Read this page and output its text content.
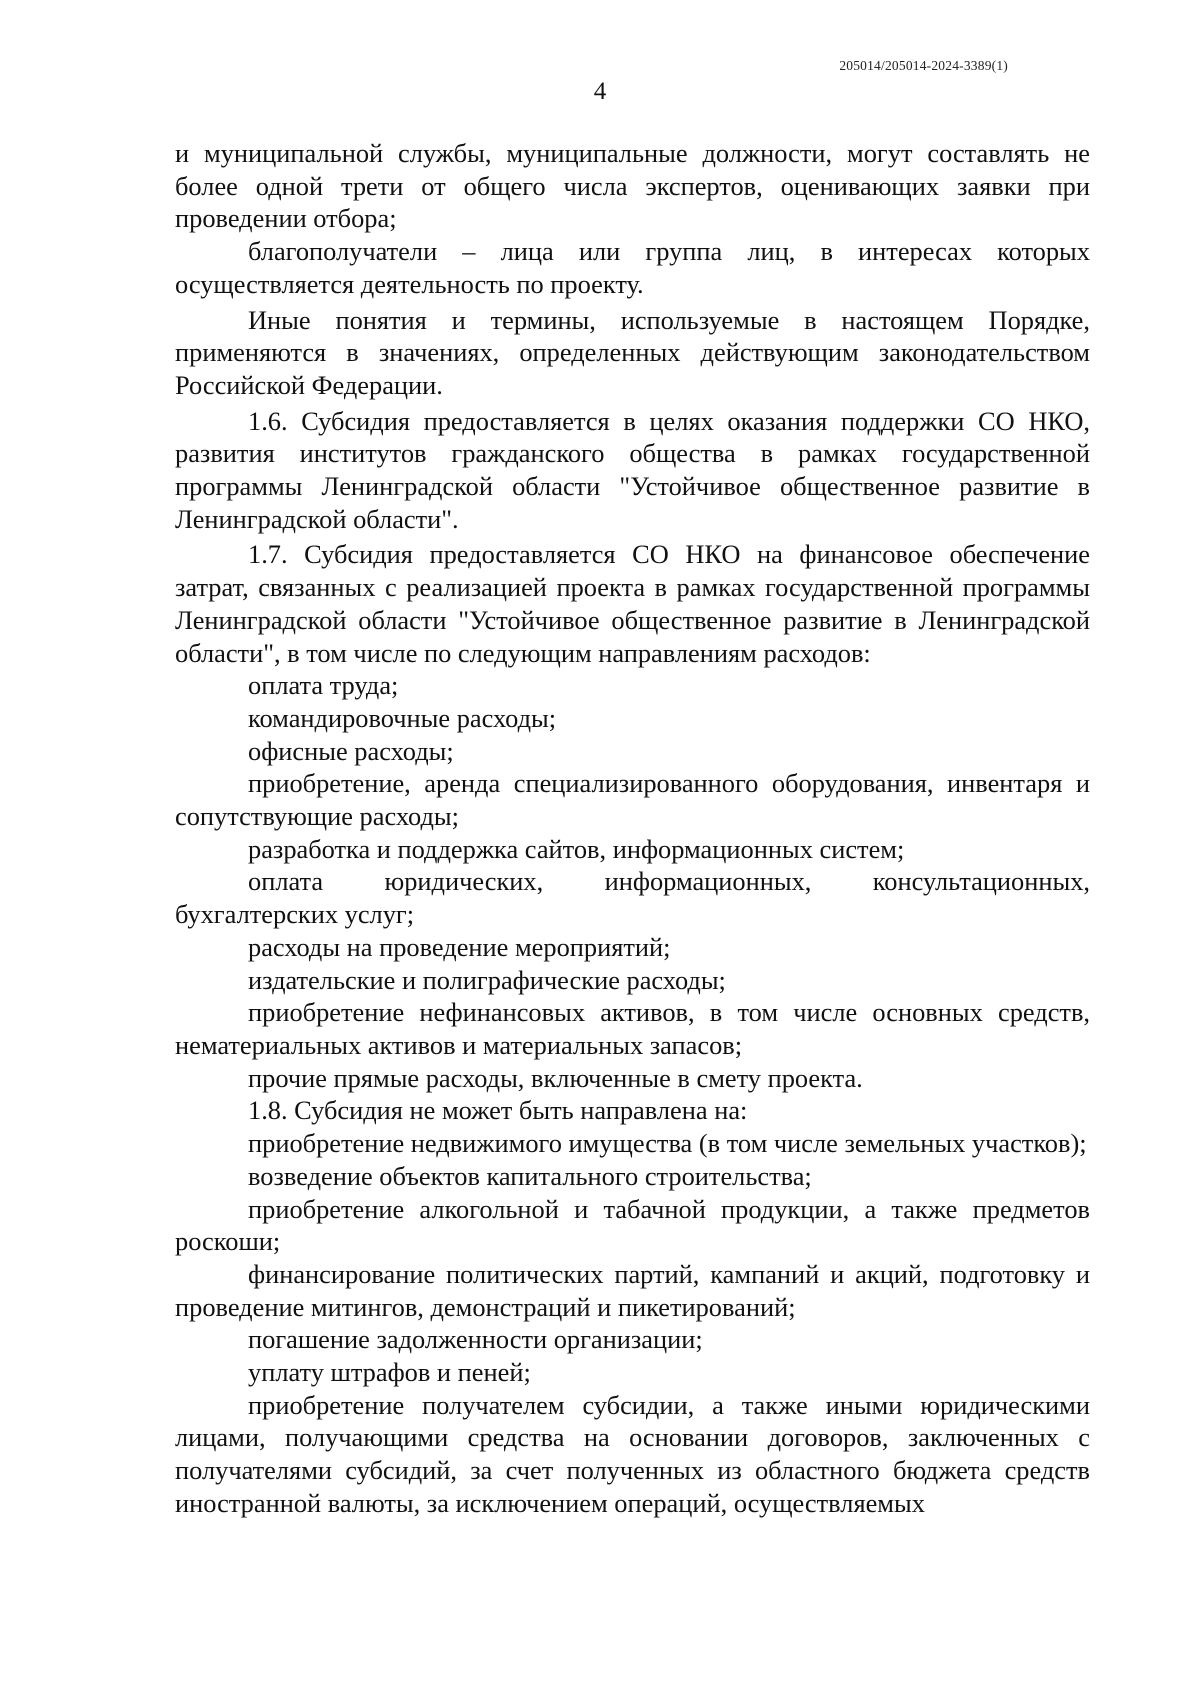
205014/205014-2024-3389(1)
4

и муниципальной службы, муниципальные должности, могут составлять не более одной трети от общего числа экспертов, оценивающих заявки при проведении отбора;

благополучатели – лица или группа лиц, в интересах которых осуществляется деятельность по проекту.

Иные понятия и термины, используемые в настоящем Порядке, применяются в значениях, определенных действующим законодательством Российской Федерации.

1.6. Субсидия предоставляется в целях оказания поддержки СО НКО, развития институтов гражданского общества в рамках государственной программы Ленинградской области "Устойчивое общественное развитие в Ленинградской области".

1.7. Субсидия предоставляется СО НКО на финансовое обеспечение затрат, связанных с реализацией проекта в рамках государственной программы Ленинградской области "Устойчивое общественное развитие в Ленинградской области", в том числе по следующим направлениям расходов:

оплата труда;

командировочные расходы;

офисные расходы;

приобретение, аренда специализированного оборудования, инвентаря и сопутствующие расходы;

разработка и поддержка сайтов, информационных систем;

оплата юридических, информационных, консультационных, бухгалтерских услуг;

расходы на проведение мероприятий;

издательские и полиграфические расходы;

приобретение нефинансовых активов, в том числе основных средств, нематериальных активов и материальных запасов;

прочие прямые расходы, включенные в смету проекта.

1.8. Субсидия не может быть направлена на:

приобретение недвижимого имущества (в том числе земельных участков);

возведение объектов капитального строительства;

приобретение алкогольной и табачной продукции, а также предметов роскоши;

финансирование политических партий, кампаний и акций, подготовку и проведение митингов, демонстраций и пикетирований;

погашение задолженности организации;

уплату штрафов и пеней;

приобретение получателем субсидии, а также иными юридическими лицами, получающими средства на основании договоров, заключенных с получателями субсидий, за счет полученных из областного бюджета средств иностранной валюты, за исключением операций, осуществляемых
